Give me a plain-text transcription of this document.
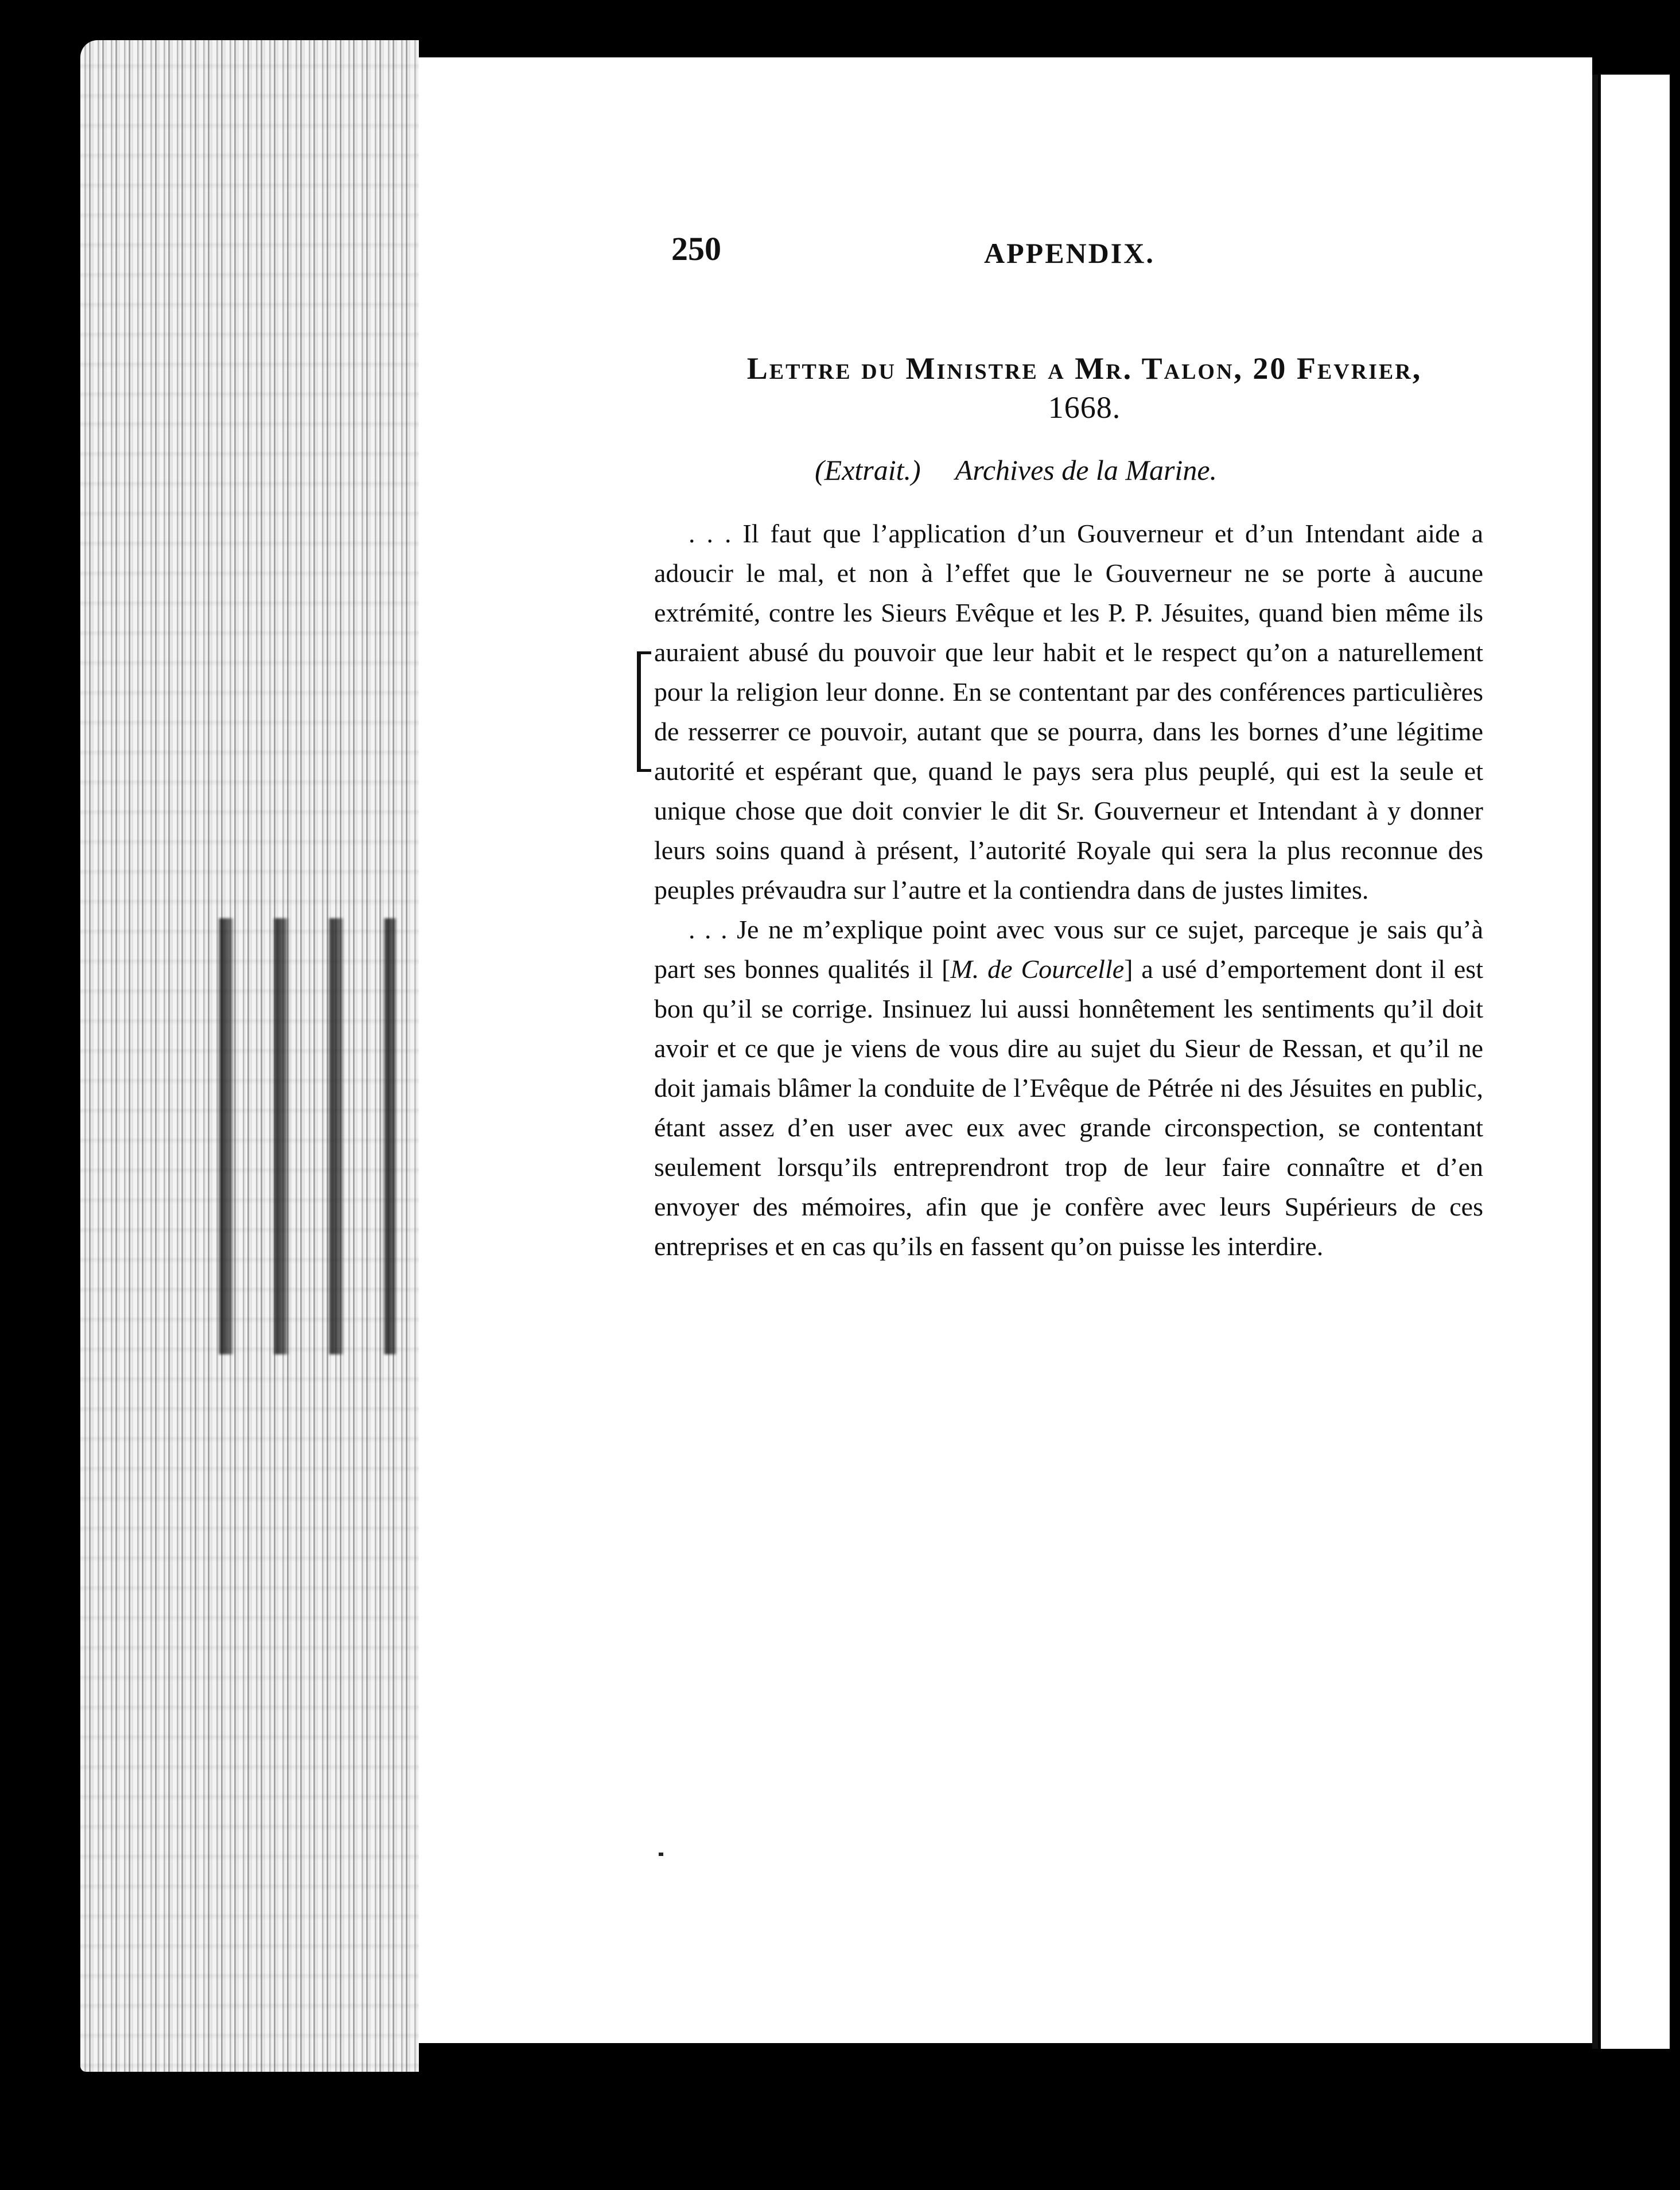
250	APPENDIX.
Lettre du Ministre a Mr. Talon, 20 Fevrier,
1668.
(Extrait.) Archives de la Marine.

. . . Il faut que l’application d’un Gouverneur et d’un Intendant aide a adoucir le mal, et non à l’effet que le Gouverneur ne se porte à aucune extrémité, contre les Sieurs Evêque et les P. P. Jésuites, quand bien même ils auraient abusé du pouvoir que leur habit et le respect qu’on a naturellement pour la religion leur donne. En se contentant par des conférences particulières de resserrer ce pouvoir, autant que se pourra, dans les bornes d’une légitime autorité et espérant que, quand le pays sera plus peuplé, qui est la seule et unique chose que doit convier le dit Sr. Gouverneur et Intendant à y donner leurs soins quand à présent, l’autorité Royale qui sera la plus reconnue des peuples prévaudra sur l’autre et la contiendra dans de justes limites.

. . . Je ne m’explique point avec vous sur ce sujet, parceque je sais qu’à part ses bonnes qualités il [M. de Courcelle] a usé d’emportement dont il est bon qu’il se corrige. Insinuez lui aussi honnêtement les sentiments qu’il doit avoir et ce que je viens de vous dire au sujet du Sieur de Ressan, et qu’il ne doit jamais blâmer la conduite de l’Evêque de Pétrée ni des Jésuites en public, étant assez d’en user avec eux avec grande circonspection, se contentant seulement lorsqu’ils entreprendront trop de leur faire connaître et d’en envoyer des mémoires, afin que je confère avec leurs Supérieurs de ces entreprises et en cas qu’ils en fassent qu’on puisse les interdire.
